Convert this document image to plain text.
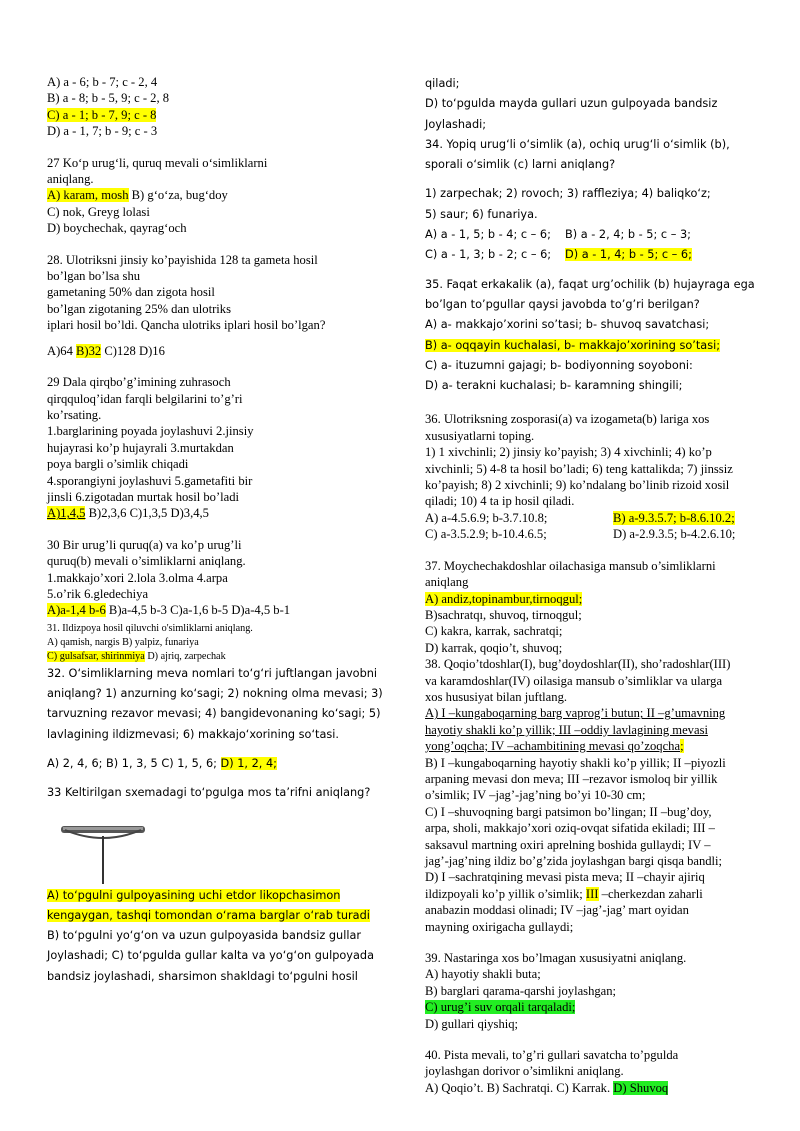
A) a - 6; b - 7; c - 2, 4
B) a - 8; b - 5, 9; c - 2, 8
C) a - 1; b - 7, 9; c - 8
D) a - 1, 7; b - 9; c - 3
27 Ko‘p urug‘li, quruq mevali o‘simliklarni
aniqlang.
A) karam, mosh B) g‘o‘za, bug‘doy
C) nok, Greyg lolasi
D) boychechak, qayrag‘och
28. Ulotriksni jinsiy ko’payishida 128 ta gameta hosil
bo’lgan bo’lsa shu
gametaning 50% dan zigota hosil
bo’lgan zigotaning 25% dan ulotriks
iplari hosil bo’ldi. Qancha ulotriks iplari hosil bo’lgan?
A)64 B)32 C)128 D)16
29 Dala qirqbo’g’imining zuhrasoch
qirqquloq’idan farqli belgilarini to’g’ri
ko’rsating.
1.barglarining poyada joylashuvi 2.jinsiy
hujayrasi ko’p hujayrali 3.murtakdan
poya bargli o’simlik chiqadi
4.sporangiyni joylashuvi 5.gametafiti bir
jinsli 6.zigotadan murtak hosil bo’ladi
A)1,4,5 B)2,3,6 C)1,3,5 D)3,4,5
30 Bir urug’li quruq(a) va ko’p urug’li
quruq(b) mevali o’simliklarni aniqlang.
1.makkajo’xori 2.lola 3.olma 4.arpa
5.o’rik 6.gledechiya
A)a-1,4 b-6 B)a-4,5 b-3 C)a-1,6 b-5 D)a-4,5 b-1
31. Ildizpoya hosil qiluvchi o'simliklarni aniqlang.
A) qamish, nargis B) yalpiz, funariya
C) gulsafsar, shirinmiya D) ajriq, zarpechak
32. O‘simliklarning meva nomlari to‘g‘ri juftlangan javobni
aniqlang? 1) anzurning ko‘sagi; 2) nokning olma mevasi; 3)
tarvuzning rezavor mevasi; 4) bangidevonaning ko‘sagi; 5)
lavlagining ildizmevasi; 6) makkajo‘xorining so‘tasi.
A) 2, 4, 6; B) 1, 3, 5 C) 1, 5, 6; D) 1, 2, 4;
33 Keltirilgan sxemadagi to‘pgulga mos ta’rifni aniqlang?
A) to‘pgulni gulpoyasining uchi etdor likopchasimon
kengaygan, tashqi tomondan o‘rama barglar o‘rab turadi
B) to‘pgulni yo‘g‘on va uzun gulpoyasida bandsiz gullar
Joylashadi; C) to‘pgulda gullar kalta va yo‘g‘on gulpoyada
bandsiz joylashadi, sharsimon shakldagi to‘pgulni hosil
qiladi;
D) to‘pgulda mayda gullari uzun gulpoyada bandsiz
Joylashadi;
34. Yopiq urug‘li o‘simlik (a), ochiq urug‘li o‘simlik (b),
sporali o‘simlik (c) larni aniqlang?
1) zarpechak; 2) rovoch; 3) raffleziya; 4) baliqko‘z;
5) saur; 6) funariya.
A) a - 1, 5; b - 4; c – 6; B) a - 2, 4; b - 5; c – 3;
C) a - 1, 3; b - 2; c – 6; D) a - 1, 4; b - 5; c – 6;
35. Faqat erkakalik (a), faqat urg’ochilik (b) hujayraga ega
bo’lgan to’pgullar qaysi javobda to’g’ri berilgan?
A) a- makkajo’xorini so’tasi; b- shuvoq savatchasi;
B) a- oqqayin kuchalasi, b- makkajo’xorining so’tasi;
C) a- ituzumni gajagi; b- bodiyonning soyoboni:
D) a- terakni kuchalasi; b- karamning shingili;
36. Ulotriksning zosporasi(a) va izogameta(b) lariga xos
xususiyatlarni toping.
1) 1 xivchinli; 2) jinsiy ko’payish; 3) 4 xivchinli; 4) ko’p
xivchinli; 5) 4-8 ta hosil bo’ladi; 6) teng kattalikda; 7) jinssiz
ko’payish; 8) 2 xivchinli; 9) ko’ndalang bo’linib rizoid xosil
qiladi; 10) 4 ta ip hosil qiladi.
A) a-4.5.6.9; b-3.7.10.8;	B) a-9.3.5.7; b-8.6.10.2;
C) a-3.5.2.9; b-10.4.6.5;	D) a-2.9.3.5; b-4.2.6.10;
37. Moychechakdoshlar oilachasiga mansub o’simliklarni
aniqlang
A) andiz,topinambur,tirnoqgul;
B)sachratqı, shuvoq, tirnoqgul;
C) kakra, karrak, sachratqi;
D) karrak, qoqio’t, shuvoq;
38. Qoqio’tdoshlar(I), bug’doydoshlar(II), sho’radoshlar(III)
va karamdoshlar(IV) oilasiga mansub o’simliklar va ularga
xos hususiyat bilan juftlang.
A) I –kungaboqarning barg vaprog’i butun; II –g’umavning
hayotiy shakli ko’p yillik; III –oddiy lavlagining mevasi
yong’oqcha; IV –achambitining mevasi qo’zoqcha;
B) I –kungaboqarning hayotiy shakli ko’p yillik; II –piyozli
arpaning mevasi don meva; III –rezavor ismoloq bir yillik
o’simlik; IV –jag’-jag’ning bo’yi 10-30 cm;
C) I –shuvoqning bargi patsimon bo’lingan; II –bug’doy,
arpa, sholi, makkajo’xori oziq-ovqat sifatida ekiladi; III –
saksavul martning oxiri aprelning boshida gullaydi; IV –
jag’-jag’ning ildiz bo’g’zida joylashgan bargi qisqa bandli;
D) I –sachratqining mevasi pista meva; II –chayir ajiriq
ildizpoyali ko’p yillik o’simlik; III –cherkezdan zaharli
anabazin moddasi olinadi; IV –jag’-jag’ mart oyidan
mayning oxirigacha gullaydi;
39. Nastaringa xos bo’lmagan xususiyatni aniqlang.
A) hayotiy shakli buta;
B) barglari qarama-qarshi joylashgan;
C) urug’i suv orqali tarqaladi;
D) gullari qiyshiq;
40. Pista mevali, to’g’ri gullari savatcha to’pgulda
joylashgan dorivor o’simlikni aniqlang.
A) Qoqio’t. B) Sachratqi. C) Karrak. D) Shuvoq
